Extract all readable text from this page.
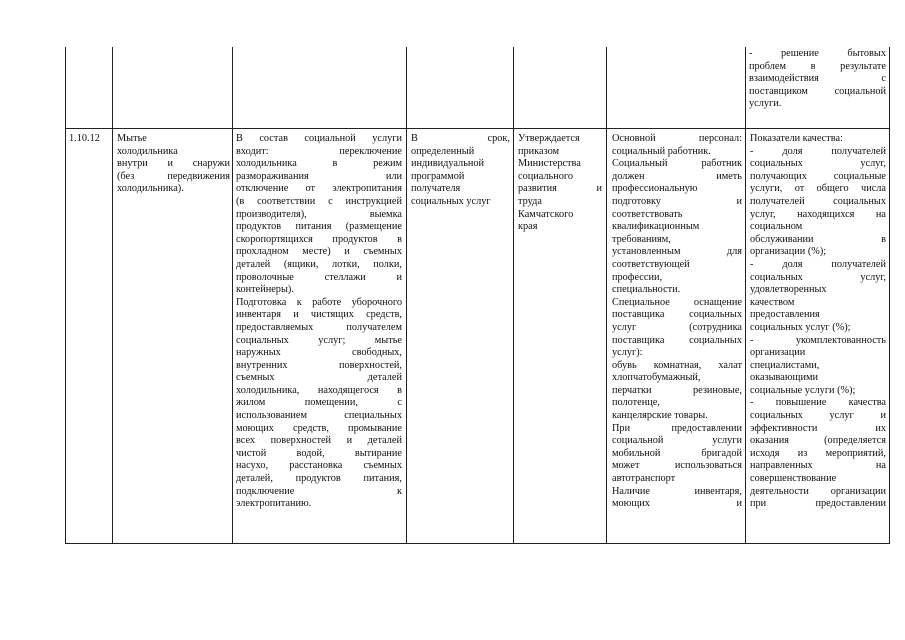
- решение бытовых
проблем в результате
взаимодействия с
поставщиком социальной
услуги.
1.10.12	Мытье
холодильника
внутри и снаружи
(без передвижения
холодильника).
В состав социальной услуги
входит: переключение
холодильника в режим
размораживания или
отключение от электропитания
(в соответствии с инструкцией
производителя), выемка
продуктов питания (размещение
скоропортящихся продуктов в
прохладном месте) и съемных
деталей (ящики, лотки, полки,
проволочные стеллажи и
контейнеры).
Подготовка к работе уборочного
инвентаря и чистящих средств,
предоставляемых получателем
социальных услуг; мытье
наружных свободных,
внутренних поверхностей,
съемных деталей
холодильника, находящегося в
жилом помещении, с
использованием специальных
моющих средств, промывание
всех поверхностей и деталей
чистой водой, вытирание
насухо, расстановка съемных
деталей, продуктов питания,
подключение к
электропитанию.
В срок,
определенный
индивидуальной
программой
получателя
социальных услуг
Утверждается
приказом
Министерства
социального
развития и
труда
Камчатского
края
Основной персонал:
социальный работник.
Социальный работник
должен иметь
профессиональную
подготовку и
соответствовать
квалификационным
требованиям,
установленным для
соответствующей
профессии,
специальности.
Специальное оснащение
поставщика социальных
услуг (сотрудника
поставщика социальных
услуг):
обувь комнатная, халат
хлопчатобумажный,
перчатки резиновые,
полотенце,
канцелярские товары.
При предоставлении
социальной услуги
мобильной бригадой
может использоваться
автотранспорт
Наличие инвентаря,
моющих и
Показатели качества:
- доля получателей
социальных услуг,
получающих социальные
услуги, от общего числа
получателей социальных
услуг, находящихся на
социальном
обслуживании в
организации (%);
- доля получателей
социальных услуг,
удовлетворенных
качеством
предоставления
социальных услуг (%);
- укомплектованность
организации
специалистами,
оказывающими
социальные услуги (%);
- повышение качества
социальных услуг и
эффективности их
оказания (определяется
исходя из мероприятий,
направленных на
совершенствование
деятельности организации
при предоставлении
